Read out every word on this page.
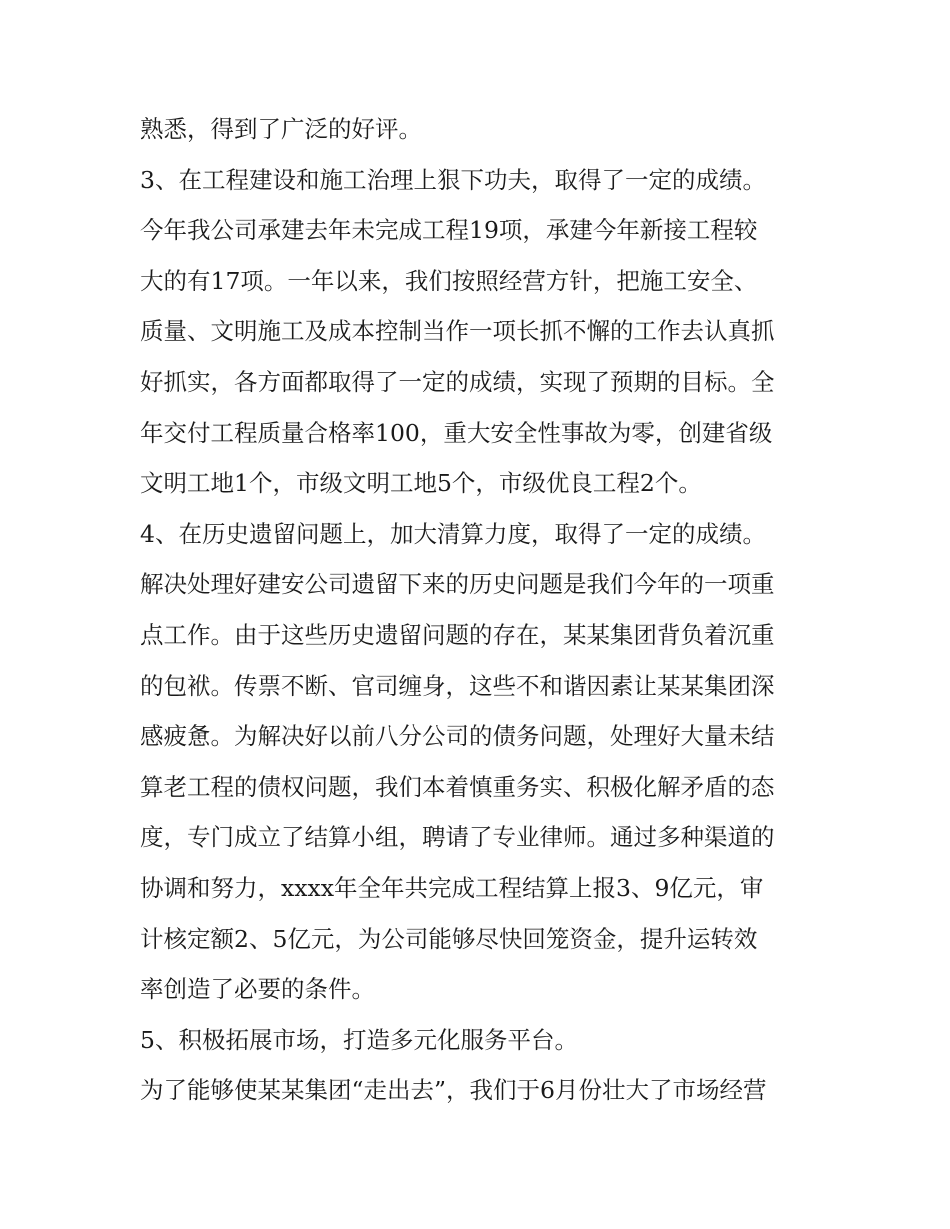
熟悉，得到了广泛的好评。
3、在工程建设和施工治理上狠下功夫，取得了一定的成绩。
今年我公司承建去年未完成工程19项，承建今年新接工程较
大的有17项。一年以来，我们按照经营方针，把施工安全、
质量、文明施工及成本控制当作一项长抓不懈的工作去认真抓
好抓实，各方面都取得了一定的成绩，实现了预期的目标。全
年交付工程质量合格率100，重大安全性事故为零，创建省级
文明工地1个，市级文明工地5个，市级优良工程2个。
4、在历史遗留问题上，加大清算力度，取得了一定的成绩。
解决处理好建安公司遗留下来的历史问题是我们今年的一项重
点工作。由于这些历史遗留问题的存在，某某集团背负着沉重
的包袱。传票不断、官司缠身，这些不和谐因素让某某集团深
感疲惫。为解决好以前八分公司的债务问题，处理好大量未结
算老工程的债权问题，我们本着慎重务实、积极化解矛盾的态
度，专门成立了结算小组，聘请了专业律师。通过多种渠道的
协调和努力，xxxx年全年共完成工程结算上报3、9亿元，审
计核定额2、5亿元，为公司能够尽快回笼资金，提升运转效
率创造了必要的条件。
5、积极拓展市场，打造多元化服务平台。
为了能够使某某集团“走出去”，我们于6月份壮大了市场经营
